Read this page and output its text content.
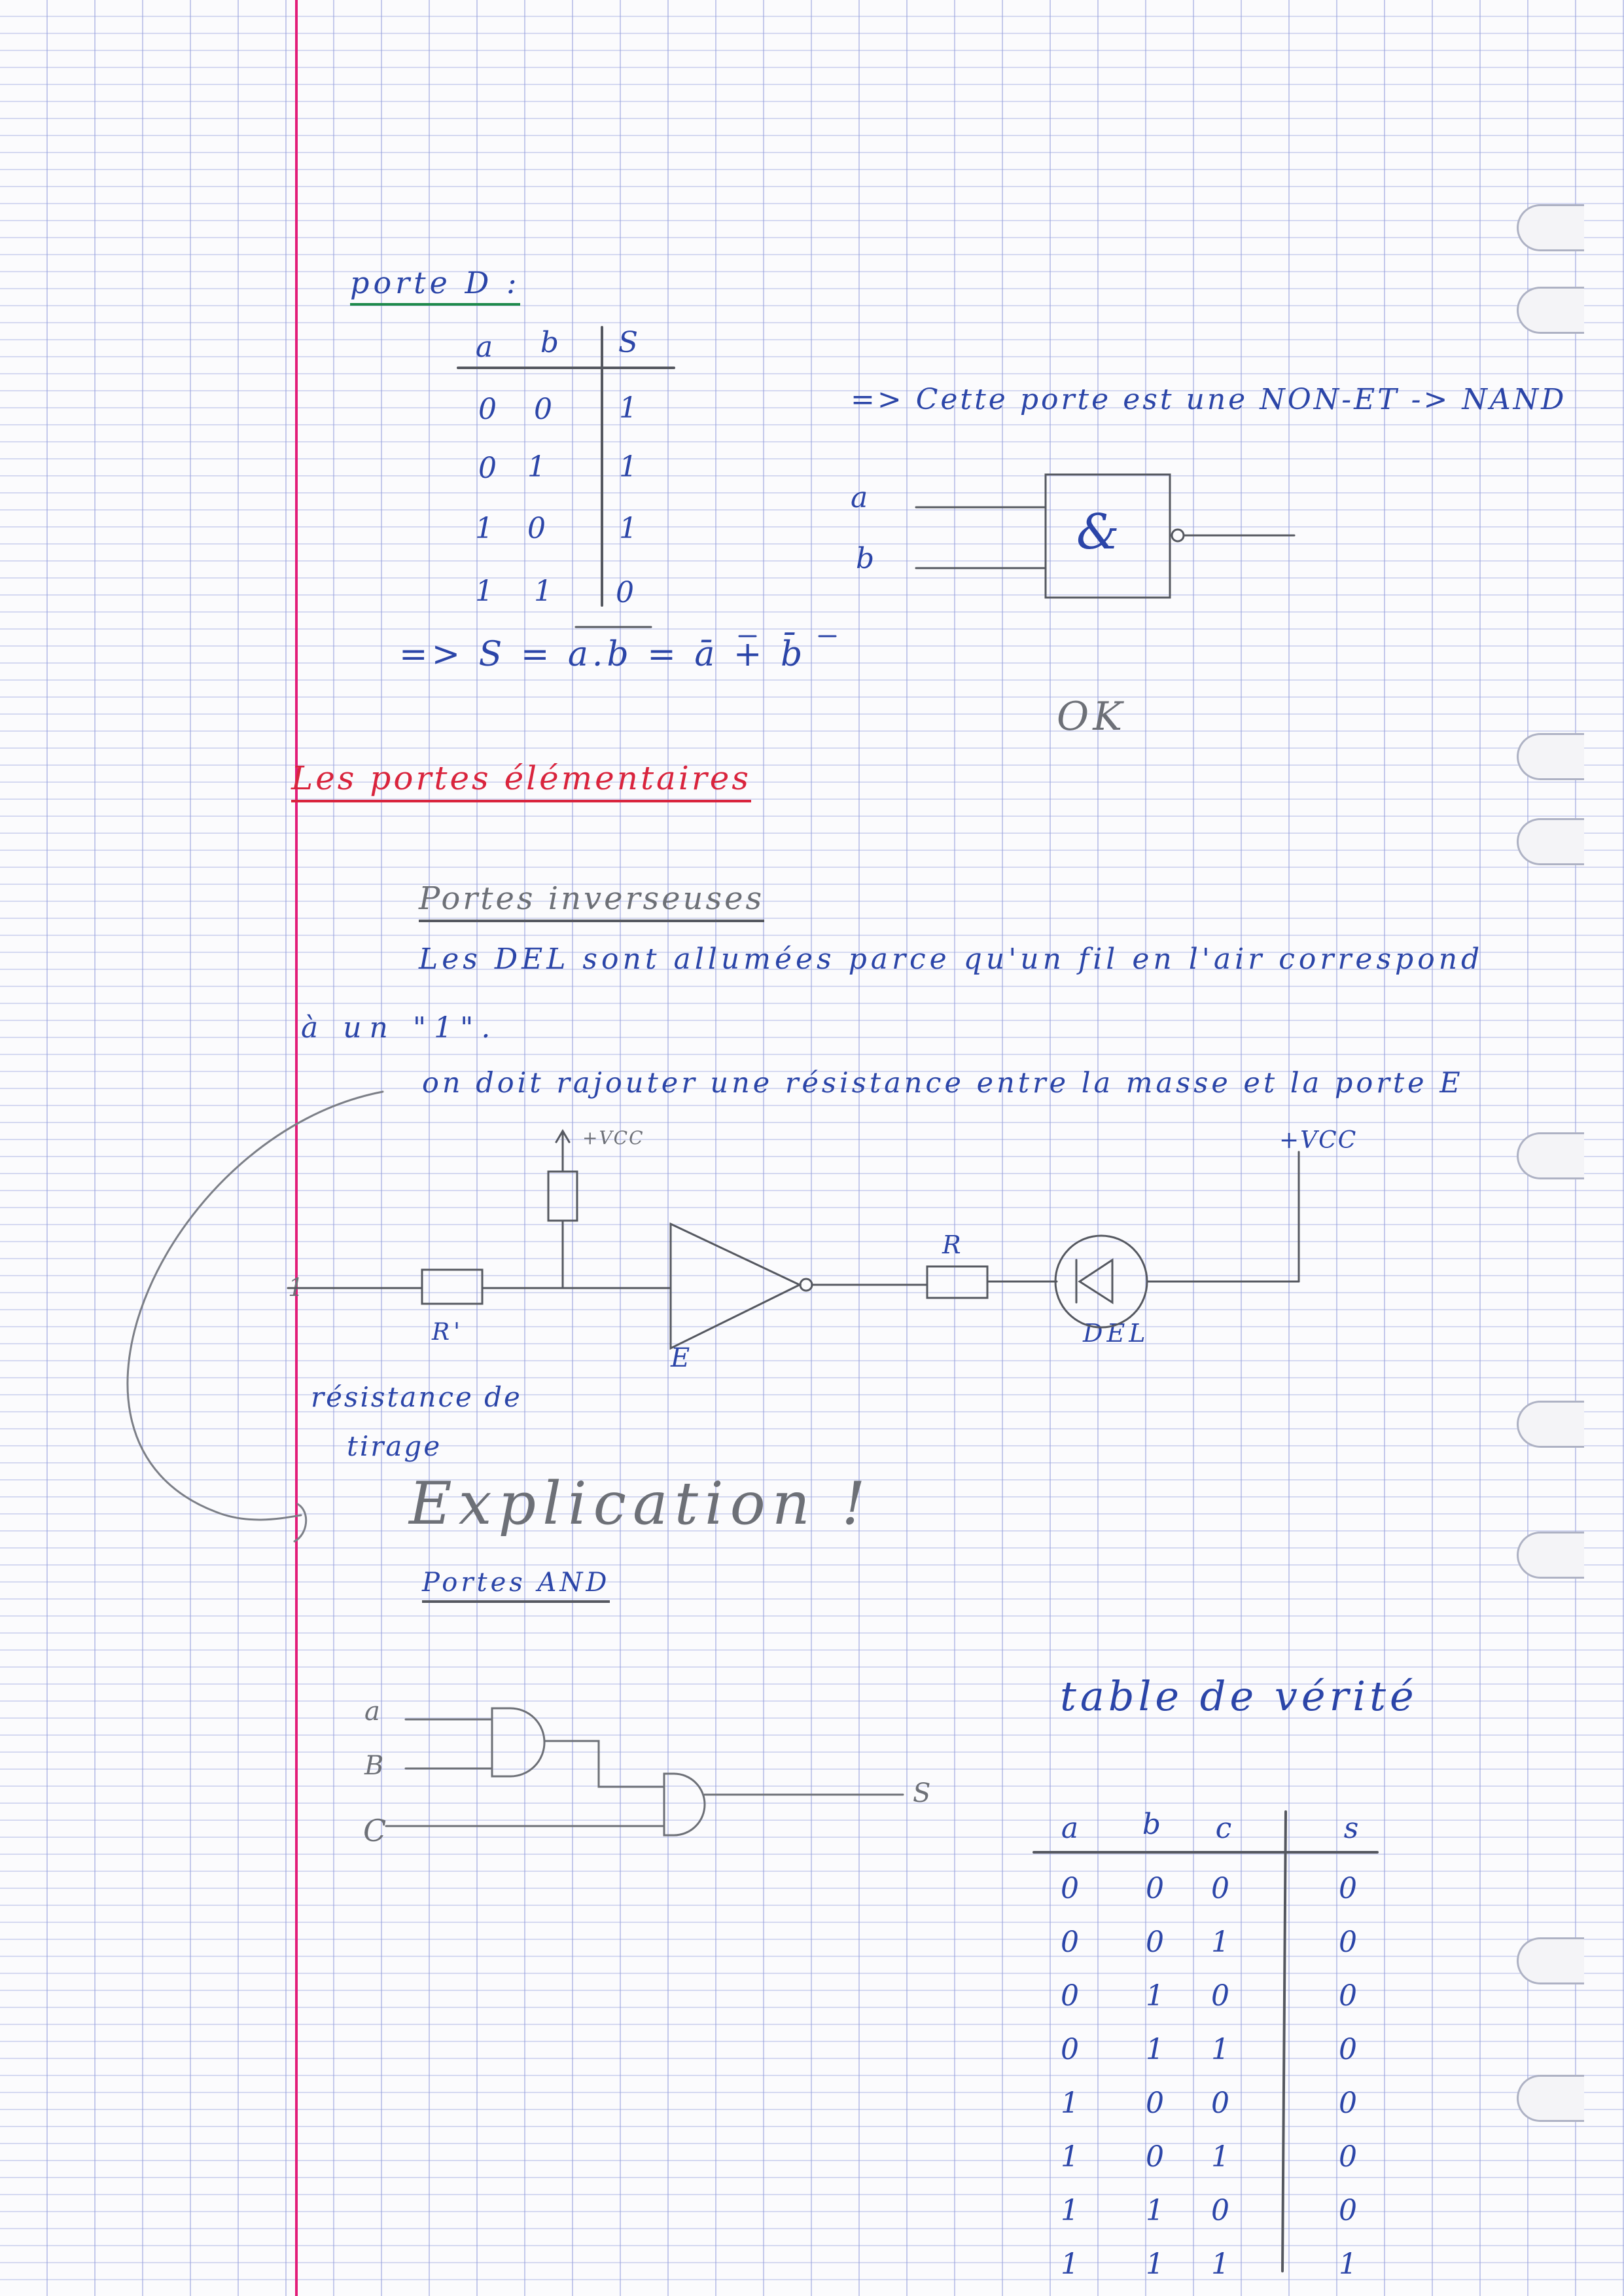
porte D :
a	b	S
0	0	1
0	1	1
1	0	1
1	1	0
=> S = a.b = ā + b̄
=> Cette porte est une NON-ET -> NAND
a
b	&
OK
Les portes élémentaires
Portes inverseuses
Les DEL sont allumées parce qu'un fil en l'air correspond
à un "1".
on doit rajouter une résistance entre la masse et la porte E
+VCC	+VCC
1
R'
E
R
DEL
résistance de
tirage
Explication !
Portes AND
a
B
C
S
table de vérité
a	b	c	s
0	0	0	0
0	0	1	0
0	1	0	0
0	1	1	0
1	0	0	0
1	0	1	0
1	1	0	0
1	1	1	1
